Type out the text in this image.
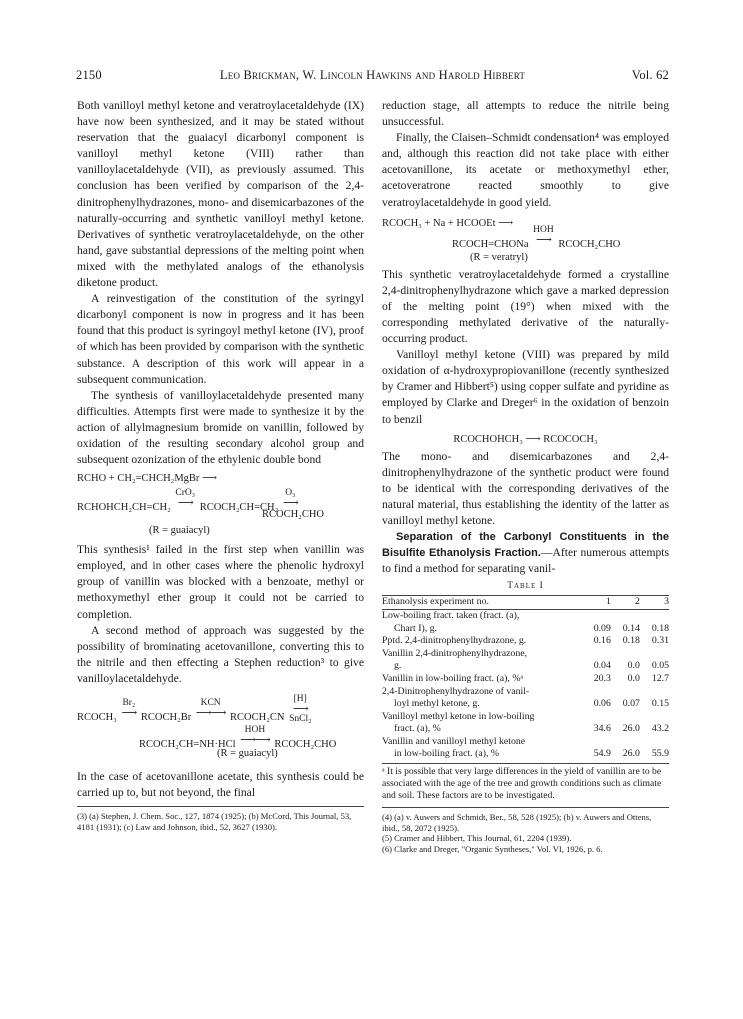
2150	Leo Brickman, W. Lincoln Hawkins and Harold Hibbert	Vol. 62

Both vanilloyl methyl ketone and veratroylacetaldehyde (IX) have now been synthesized, and it may be stated without reservation that the guaiacyl dicarbonyl component is vanilloyl methyl ketone (VIII) rather than vanilloylacetaldehyde (VII), as previously assumed. This conclusion has been verified by comparison of the 2,4-dinitrophenylhydrazones, mono- and disemicarbazones of the naturally-occurring and synthetic vanilloyl methyl ketone. Derivatives of synthetic veratroylacetaldehyde, on the other hand, gave substantial depressions of the melting point when mixed with the methylated analogs of the ethanolysis diketone product.

A reinvestigation of the constitution of the syringyl dicarbonyl component is now in progress and it has been found that this product is syringoyl methyl ketone (IV), proof of which has been provided by comparison with the synthetic substance. A description of this work will appear in a subsequent communication.

The synthesis of vanilloylacetaldehyde presented many difficulties. Attempts first were made to synthesize it by the action of allylmagnesium bromide on vanillin, followed by oxidation of the resulting secondary alcohol group and subsequent ozonization of the ethylenic double bond

RCHO + CH₂=CHCH₂MgBr ⟶
RCHOHCH₂CH=CH₂
CrO₃
⟶ RCOCH₂CH=CH₂
O₃
⟶
RCOCH₂CHO
(R = guaiacyl)

This synthesis¹ failed in the first step when vanillin was employed, and in other cases where the phenolic hydroxyl group of vanillin was blocked with a benzoate, methyl or methoxymethyl ether group it could not be carried to completion.

A second method of approach was suggested by the possibility of brominating acetovanillone, converting this to the nitrile and then effecting a Stephen reduction³ to give vanilloylacetaldehyde.

RCOCH₃
Br₂
⟶ RCOCH₂Br
KCN
⟶⟶ RCOCH₂CN
[H]
⟶
SnCl₂
RCOCH₂CH=NH·HCl
HOH
⟶⟶ RCOCH₂CHO
(R = guaiacyl)

In the case of acetovanillone acetate, this synthesis could be carried up to, but not beyond, the final

(3) (a) Stephen, J. Chem. Soc., 127, 1874 (1925); (b) McCord, This Journal, 53, 4181 (1931); (c) Law and Johnson, ibid., 52, 3627 (1930).

reduction stage, all attempts to reduce the nitrile being unsuccessful.

Finally, the Claisen–Schmidt condensation⁴ was employed and, although this reaction did not take place with either acetovanillone, its acetate or methoxymethyl ether, acetoveratrone reacted smoothly to give veratroylacetaldehyde in good yield.

RCOCH₃ + Na + HCOOEt ⟶
RCOCH=CHONa
HOH
⟶ RCOCH₂CHO
(R = veratryl)

This synthetic veratroylacetaldehyde formed a crystalline 2,4-dinitrophenylhydrazone which gave a marked depression of the melting point (19°) when mixed with the corresponding methylated derivative of the naturally-occurring product.

Vanilloyl methyl ketone (VIII) was prepared by mild oxidation of α-hydroxypropiovanillone (recently synthesized by Cramer and Hibbert⁵) using copper sulfate and pyridine as employed by Clarke and Dreger⁶ in the oxidation of benzoin to benzil

RCOCHOHCH₃ ⟶ RCOCOCH₃

The mono- and disemicarbazones and 2,4-dinitrophenylhydrazone of the synthetic product were found to be identical with the corresponding derivatives of the natural material, thus establishing the identity of the latter as vanilloyl methyl ketone.

Separation of the Carbonyl Constituents in the Bisulfite Ethanolysis Fraction.—After numerous attempts to find a method for separating vanil-

Table I
Ethanolysis experiment no.	1	2	3
Low-boiling fract. taken (fract. (a),			
Chart I), g.	0.09	0.14	0.18
Pptd. 2,4-dinitrophenylhydrazone, g.	0.16	0.18	0.31
Vanillin 2,4-dinitrophenylhydrazone,			
g.	0.04	0.0	0.05
Vanillin in low-boiling fract. (a), %ᵃ	20.3	0.0	12.7
2,4-Dinitrophenylhydrazone of vanil-			
loyl methyl ketone, g.	0.06	0.07	0.15
Vanilloyl methyl ketone in low-boiling			
fract. (a), %	34.6	26.0	43.2
Vanillin and vanilloyl methyl ketone			
in low-boiling fract. (a), %	54.9	26.0	55.9

ᵃ It is possible that very large differences in the yield of vanillin are to be associated with the age of the tree and growth conditions such as climate and soil. These factors are to be investigated.

(4) (a) v. Auwers and Schmidt, Ber., 58, 528 (1925); (b) v. Auwers and Ottens, ibid., 58, 2072 (1925).

(5) Cramer and Hibbert, This Journal, 61, 2204 (1939).

(6) Clarke and Dreger, "Organic Syntheses," Vol. VI, 1926, p. 6.
